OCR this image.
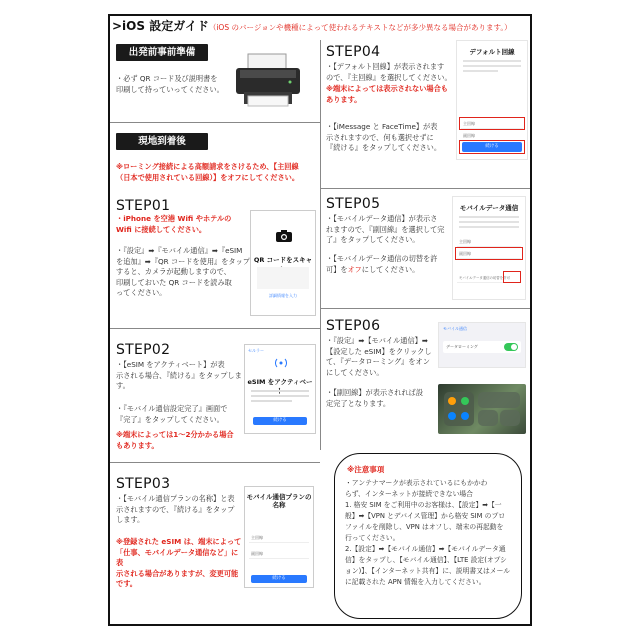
>iOS 設定ガイド（iOS のバージョンや機種によって使われるテキストなどが多少異なる場合があります。）
出発前事前準備
・必ず QR コード及び説明書を
印刷して持っていってください。
現地到着後
※ローミング接続による高額請求をさけるため、【主回線
（日本で使用されている回線）】をオフにしてください。
STEP01
・iPhone を空港 Wifi やホテルの
Wifi に接続してください。
・『設定』➡『モバイル通信』➡『eSIM
を追加』➡『QR コードを使用』をタップ
すると、カメラが起動しますので、
印刷しておいた QR コードを読み取
ってください。
QR コードをスキャ
詳細情報を入力
STEP02
・【eSIM をアクティベート】が表
示される場合、『続ける』をタップしま
す。
・『モバイル通信設定完了』画面で
『完了』をタップしてください。
※端末によっては1～2分かかる場合
もあります。
セルラー
eSIM をアクティベー
続ける
STEP03
・【モバイル通信プランの名称】と表
示されますので、『続ける』をタップ
します。
※登録された eSIM は、端末によって
「仕事、モバイルデータ通信など」に表
示される場合がありますが、変更可能
です。
モバイル通信プランの
名称
主回線
副回線
続ける
STEP04
・【デフォルト回線】が表示されます
ので、『主回線』を選択してください。
※端末によっては表示されない場合も
あります。
・【iMessage と FaceTime】が表
示されますので、何も選択せずに
『続ける』をタップしてください。
デフォルト回線
主回線
副回線
続ける
STEP05
・【モバイルデータ通信】が表示さ
れますので、『副回線』を選択して完
了』をタップしてください。
・【モバイルデータ通信の切替を許
可】をオフにしてください。
モバイルデータ通信
主回線
副回線
モバイルデータ通信の切替を許可
STEP06
・『設定』➡【モバイル通信】➡
【設定した eSIM】をクリックし
て、『データローミング』をオン
にしてください。
・【副回線】が表示されれば設
定完了となります。
モバイル通信
データローミング
※注意事項
・アンテナマークが表示されているにもかかわ
らず、インターネットが接続できない場合
1. 格安 SIM をご利用中のお客様は、【設定】➡【一
般】➡【VPN とデバイス管理】から格安 SIM のプロ
ファイルを削除し、VPN はオフし、端末の再起動を
行ってください。
2.【設定】➡【モバイル通信】➡【モバイルデータ通
信】をタップし、【モバイル通信】、【LTE 設定(オプシ
ョン)】、【インターネット共有】に、説明書又はメール
に記載された APN 情報を入力してください。
